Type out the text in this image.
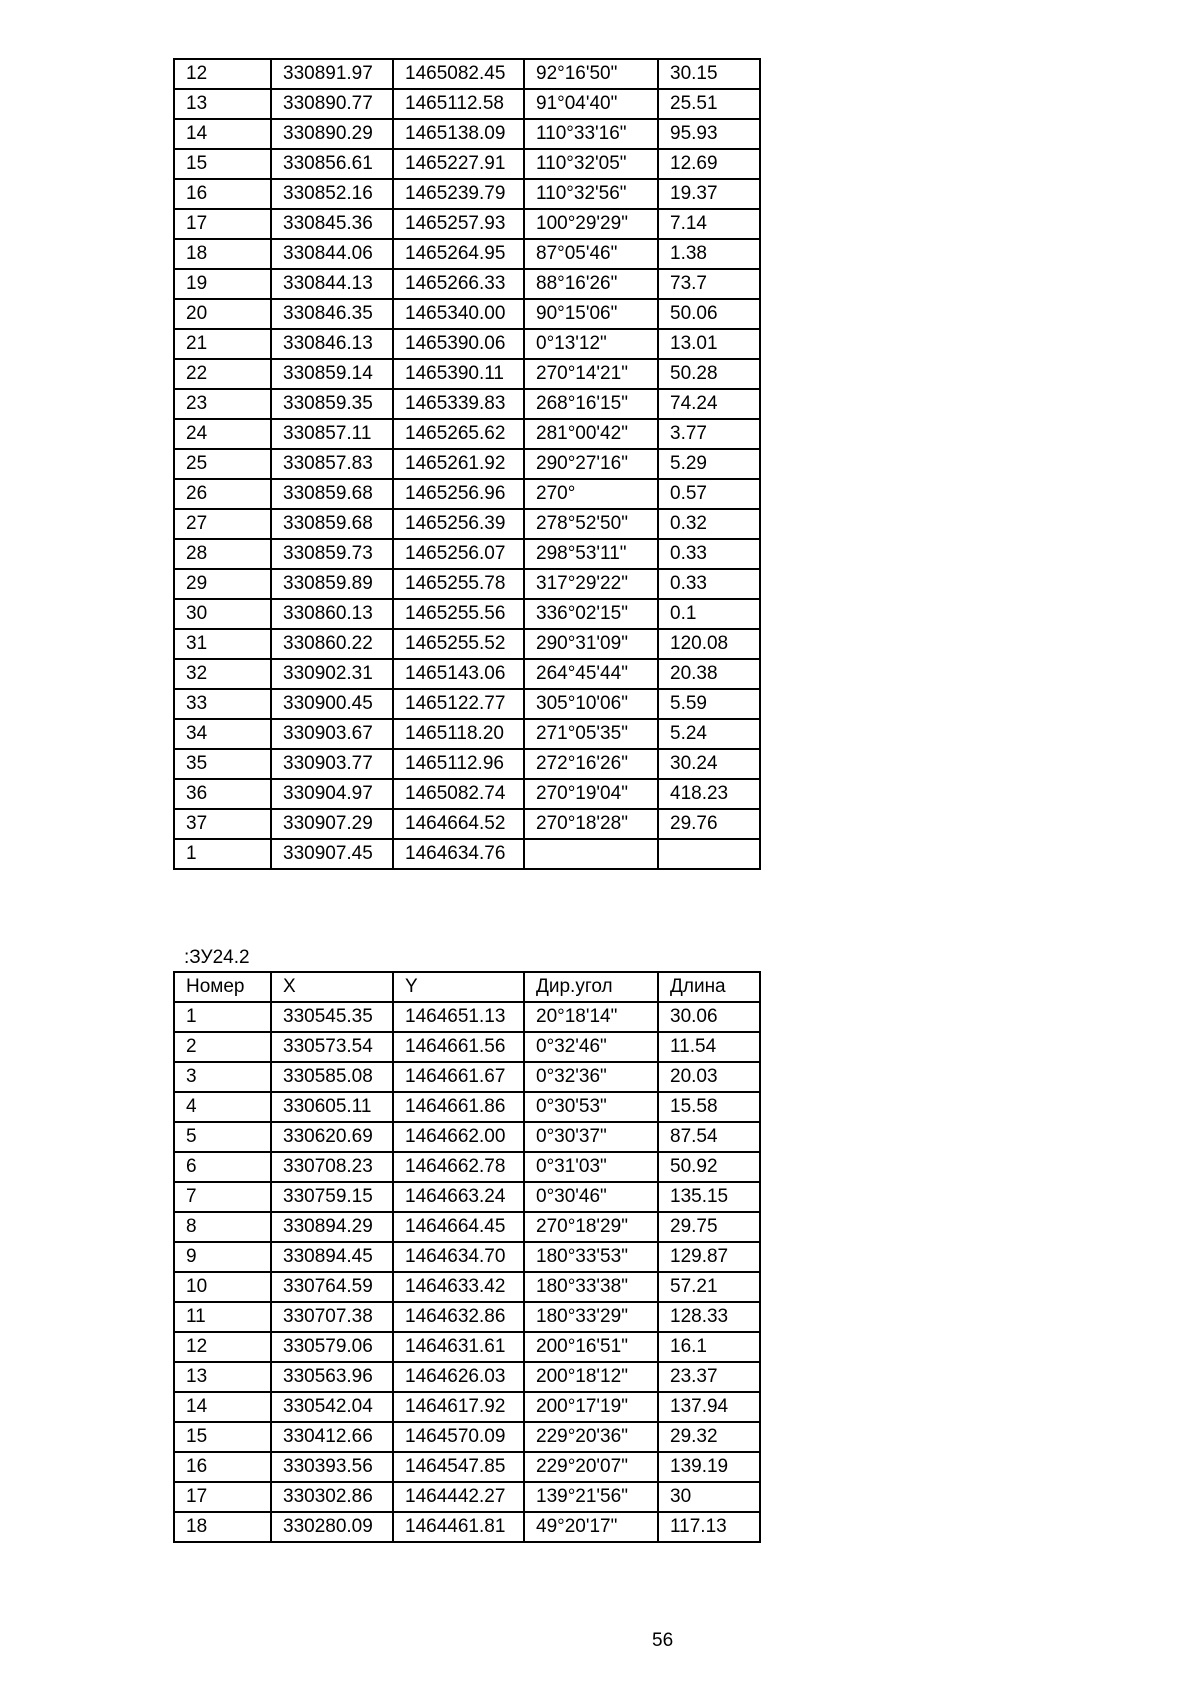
12	330891.97	1465082.45	92°16'50"	30.15
13	330890.77	1465112.58	91°04'40"	25.51
14	330890.29	1465138.09	110°33'16"	95.93
15	330856.61	1465227.91	110°32'05"	12.69
16	330852.16	1465239.79	110°32'56"	19.37
17	330845.36	1465257.93	100°29'29"	7.14
18	330844.06	1465264.95	87°05'46"	1.38
19	330844.13	1465266.33	88°16'26"	73.7
20	330846.35	1465340.00	90°15'06"	50.06
21	330846.13	1465390.06	0°13'12"	13.01
22	330859.14	1465390.11	270°14'21"	50.28
23	330859.35	1465339.83	268°16'15"	74.24
24	330857.11	1465265.62	281°00'42"	3.77
25	330857.83	1465261.92	290°27'16"	5.29
26	330859.68	1465256.96	270°	0.57
27	330859.68	1465256.39	278°52'50"	0.32
28	330859.73	1465256.07	298°53'11"	0.33
29	330859.89	1465255.78	317°29'22"	0.33
30	330860.13	1465255.56	336°02'15"	0.1
31	330860.22	1465255.52	290°31'09"	120.08
32	330902.31	1465143.06	264°45'44"	20.38
33	330900.45	1465122.77	305°10'06"	5.59
34	330903.67	1465118.20	271°05'35"	5.24
35	330903.77	1465112.96	272°16'26"	30.24
36	330904.97	1465082.74	270°19'04"	418.23
37	330907.29	1464664.52	270°18'28"	29.76
1	330907.45	1464634.76		
:ЗУ24.2
Номер	X	Y	Дир.угол	Длина
1	330545.35	1464651.13	20°18'14"	30.06
2	330573.54	1464661.56	0°32'46"	11.54
3	330585.08	1464661.67	0°32'36"	20.03
4	330605.11	1464661.86	0°30'53"	15.58
5	330620.69	1464662.00	0°30'37"	87.54
6	330708.23	1464662.78	0°31'03"	50.92
7	330759.15	1464663.24	0°30'46"	135.15
8	330894.29	1464664.45	270°18'29"	29.75
9	330894.45	1464634.70	180°33'53"	129.87
10	330764.59	1464633.42	180°33'38"	57.21
11	330707.38	1464632.86	180°33'29"	128.33
12	330579.06	1464631.61	200°16'51"	16.1
13	330563.96	1464626.03	200°18'12"	23.37
14	330542.04	1464617.92	200°17'19"	137.94
15	330412.66	1464570.09	229°20'36"	29.32
16	330393.56	1464547.85	229°20'07"	139.19
17	330302.86	1464442.27	139°21'56"	30
18	330280.09	1464461.81	49°20'17"	117.13
56
